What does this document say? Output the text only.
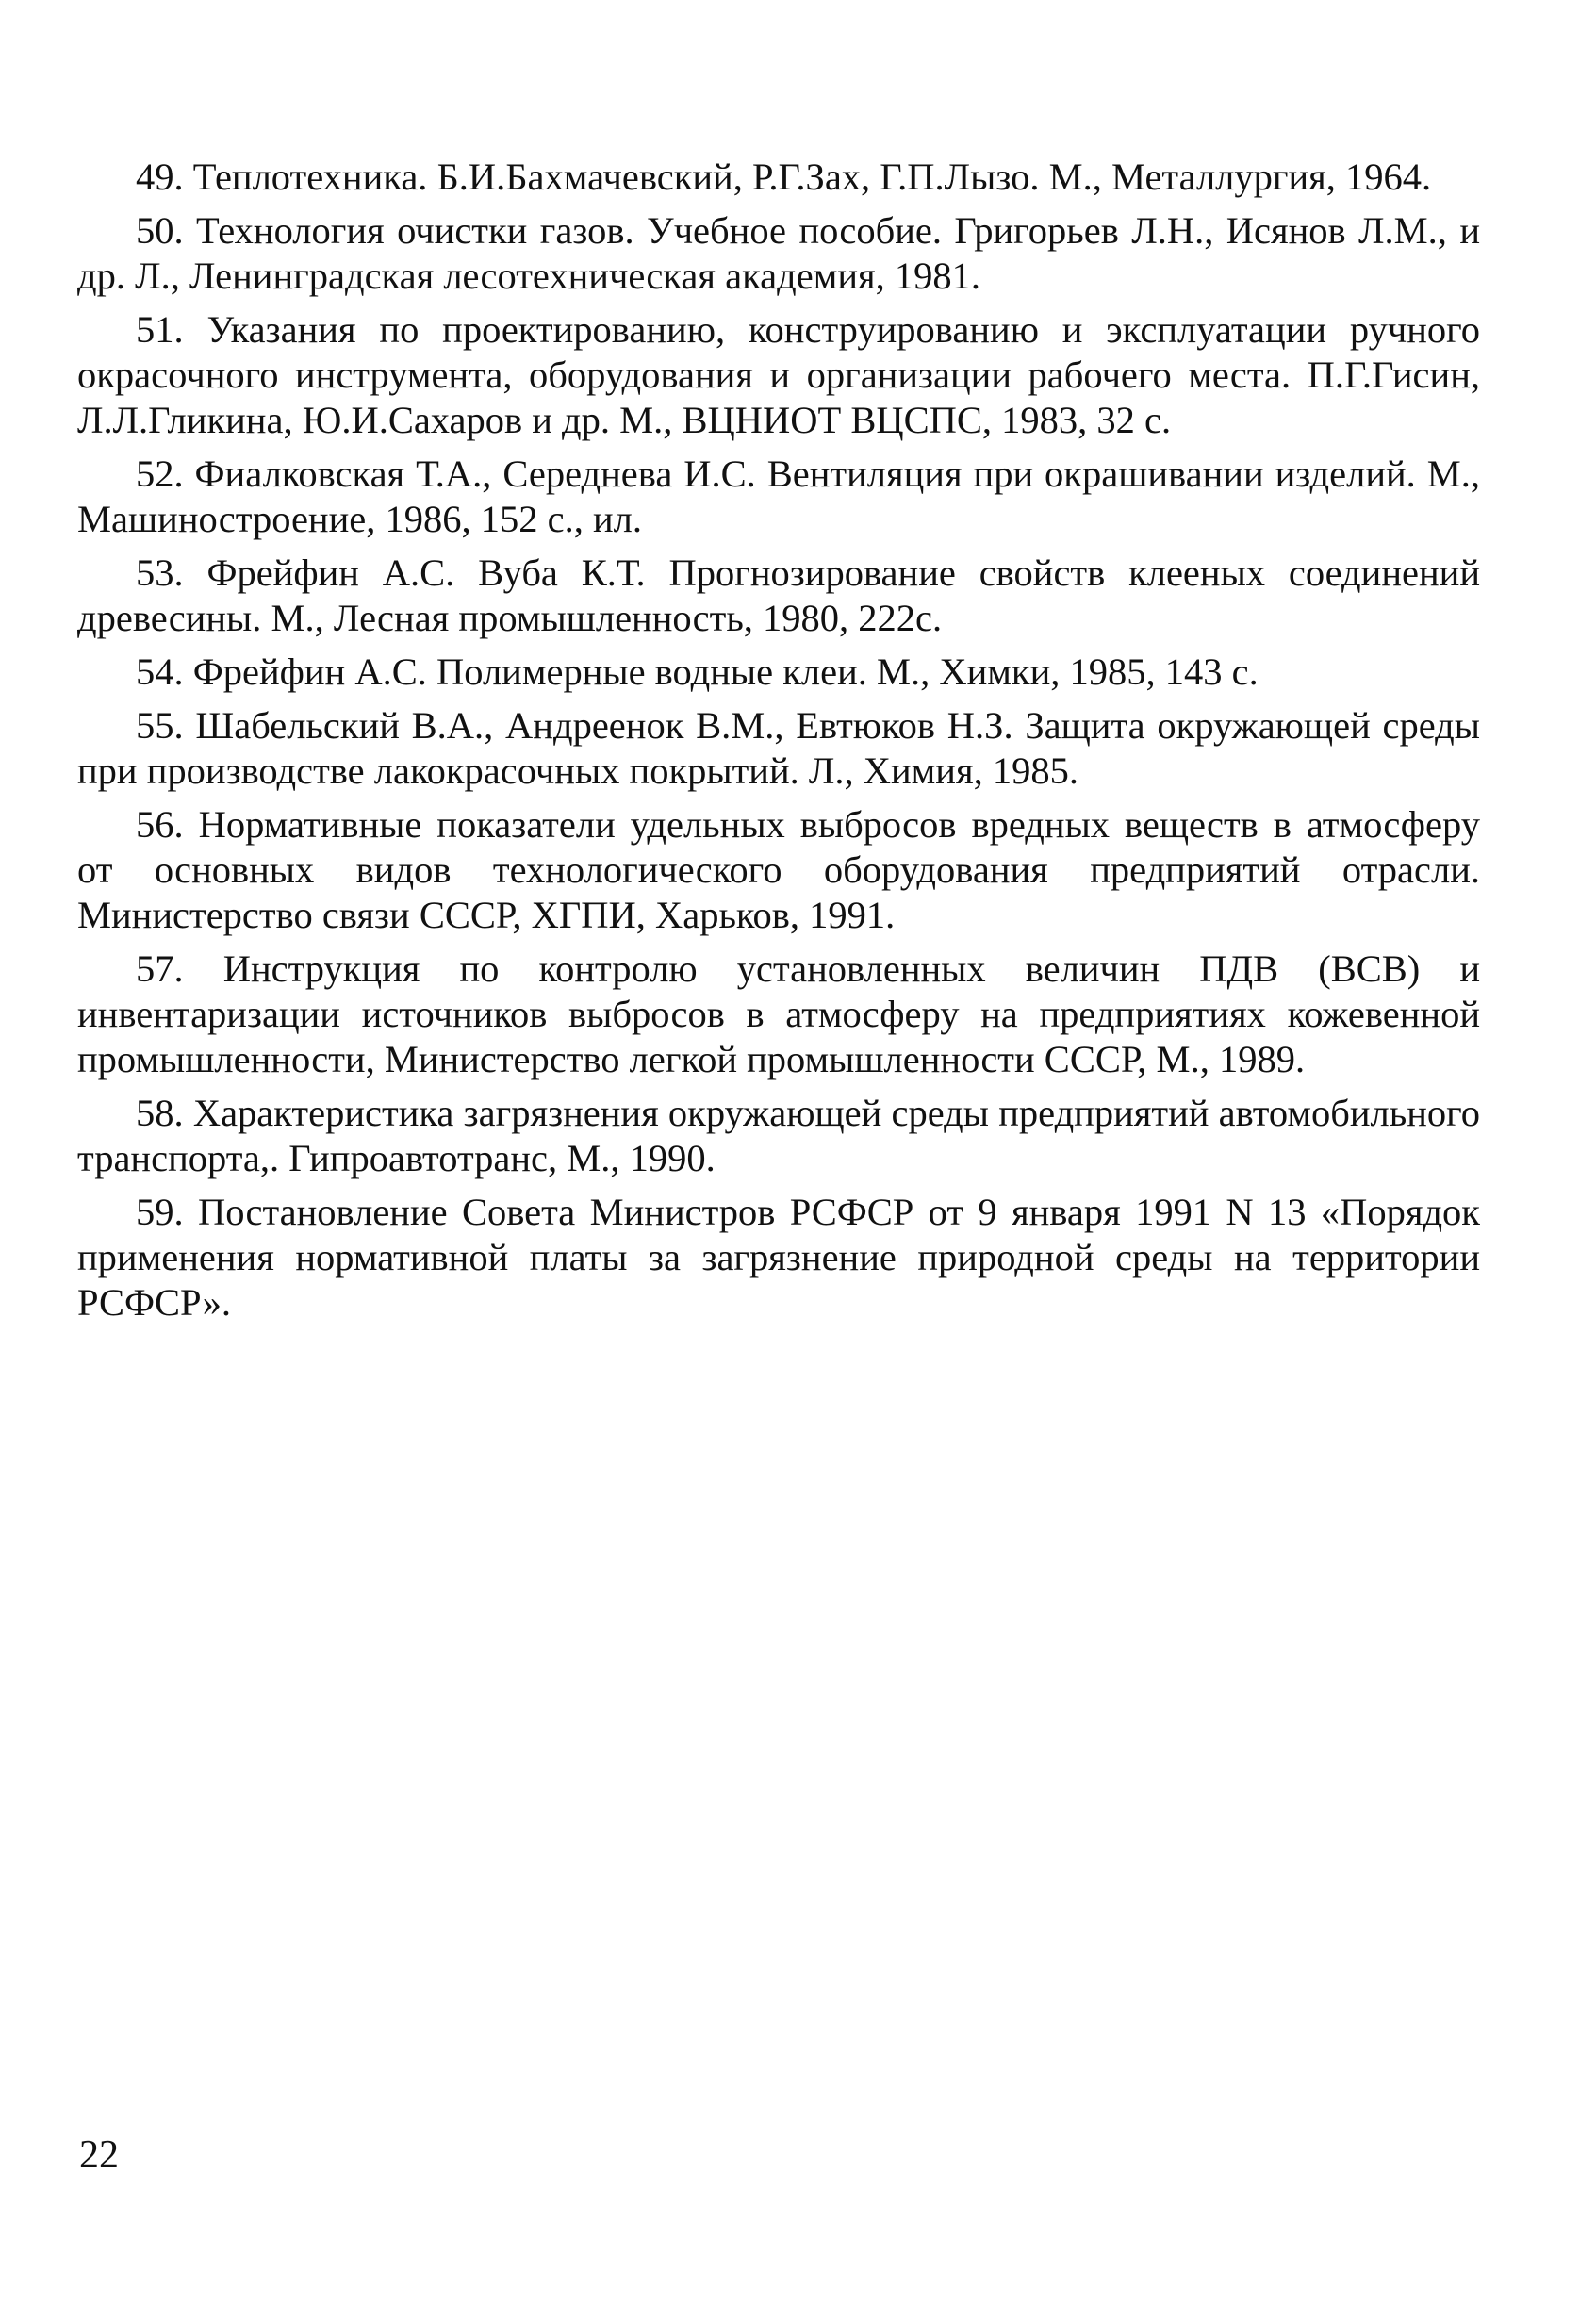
49. Теплотехника. Б.И.Бахмачевский, Р.Г.Зах, Г.П.Лызо. М., Металлургия, 1964.

50. Технология очистки газов. Учебное пособие. Григорьев Л.Н., Исянов Л.М., и др. Л., Ленинградская лесотехническая академия, 1981.

51. Указания по проектированию, конструированию и эксплуатации ручного окрасочного инструмента, оборудования и организации рабочего места. П.Г.Гисин, Л.Л.Гликина, Ю.И.Сахаров и др. М., ВЦНИОТ ВЦСПС, 1983, 32 с.

52. Фиалковская Т.А., Середнева И.С. Вентиляция при окрашивании изделий. М., Машиностроение, 1986, 152 с., ил.

53. Фрейфин А.С. Вуба К.Т. Прогнозирование свойств клееных соединений древесины. М., Лесная промышленность, 1980, 222с.

54. Фрейфин А.С. Полимерные водные клеи. М., Химки, 1985, 143 с.

55. Шабельский В.А., Андреенок В.М., Евтюков Н.З. Защита окружающей среды при производстве лакокрасочных покрытий. Л., Химия, 1985.

56. Нормативные показатели удельных выбросов вредных веществ в атмосферу от основных видов технологического оборудования предприятий отрасли. Министерство связи СССР, ХГПИ, Харьков, 1991.

57. Инструкция по контролю установленных величин ПДВ (ВСВ) и инвентаризации источников выбросов в атмосферу на предприятиях кожевенной промышленности, Министерство легкой промышленности СССР, М., 1989.

58. Характеристика загрязнения окружающей среды предприятий автомобильного транспорта,. Гипроавтотранс, М., 1990.

59. Постановление Совета Министров РСФСР от 9 января 1991 N 13 «Порядок применения нормативной платы за загрязнение природной среды на территории РСФСР».

22
